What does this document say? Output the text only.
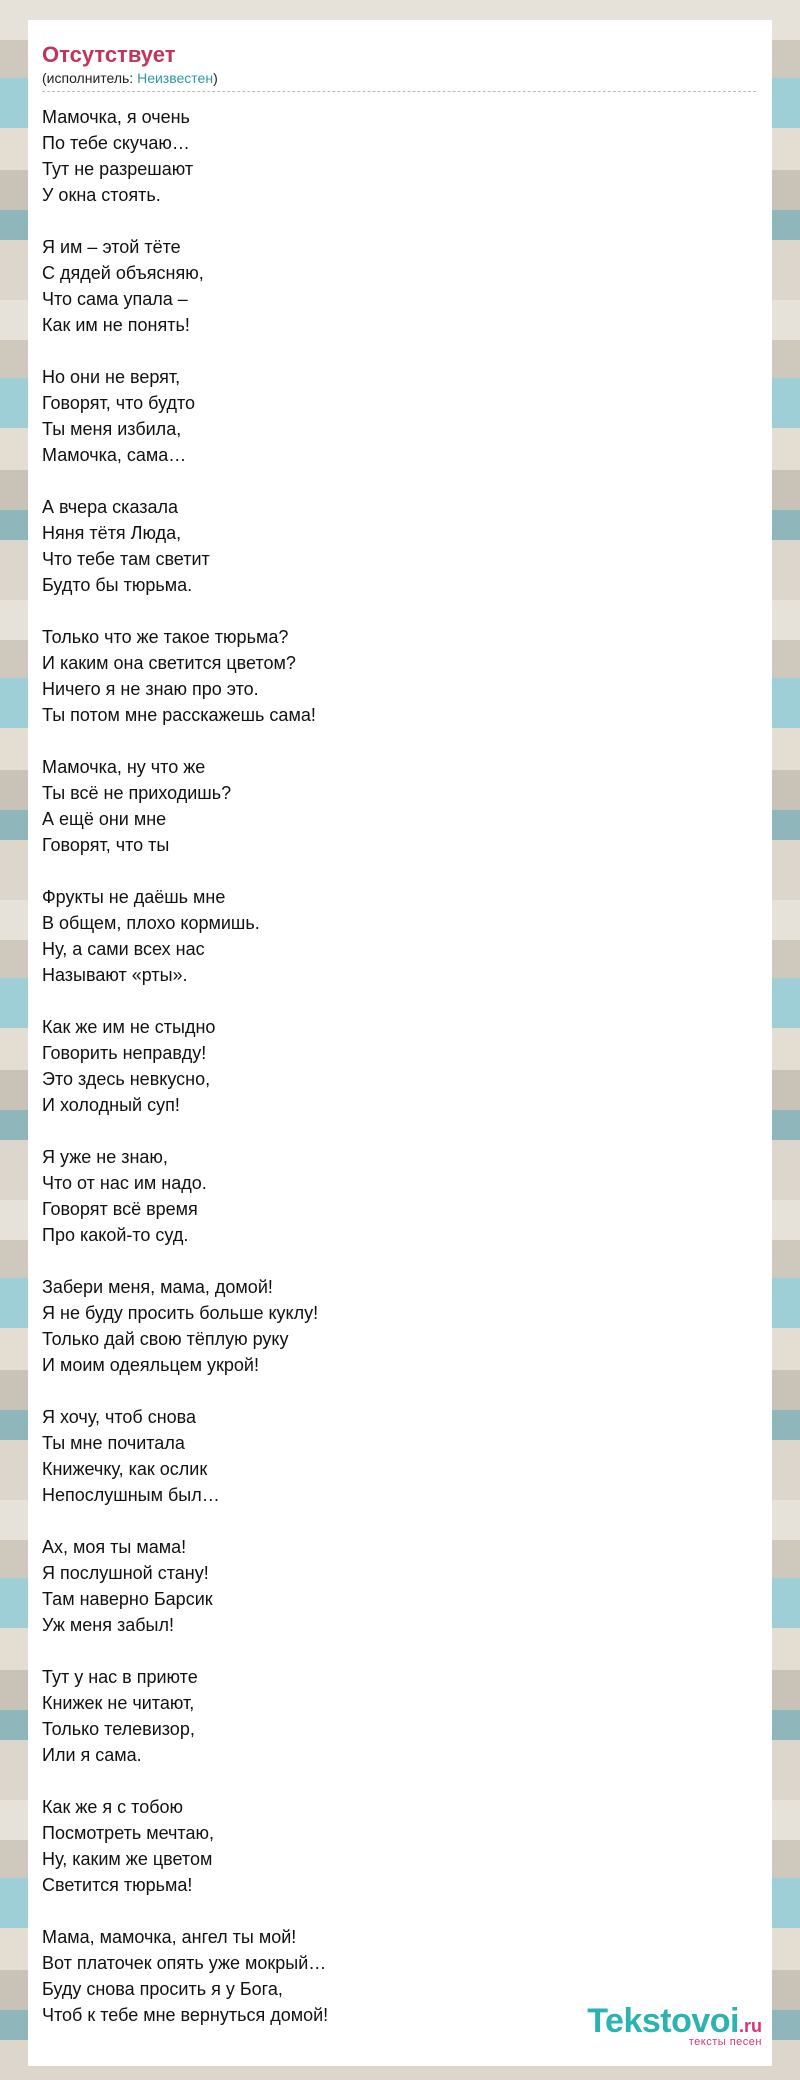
Отсутствует
(исполнитель: Неизвестен)
Мамочка, я очень
По тебе скучаю…
Тут не разрешают
У окна стоять.
Я им – этой тёте
С дядей объясняю,
Что сама упала –
Как им не понять!
Но они не верят,
Говорят, что будто
Ты меня избила,
Мамочка, сама…
А вчера сказала
Няня тётя Люда,
Что тебе там светит
Будто бы тюрьма.
Только что же такое тюрьма?
И каким она светится цветом?
Ничего я не знаю про это.
Ты потом мне расскажешь сама!
Мамочка, ну что же
Ты всё не приходишь?
А ещё они мне
Говорят, что ты
Фрукты не даёшь мне
В общем, плохо кормишь.
Ну, а сами всех нас
Называют «рты».
Как же им не стыдно
Говорить неправду!
Это здесь невкусно,
И холодный суп!
Я уже не знаю,
Что от нас им надо.
Говорят всё время
Про какой-то суд.
Забери меня, мама, домой!
Я не буду просить больше куклу!
Только дай свою тёплую руку
И моим одеяльцем укрой!
Я хочу, чтоб снова
Ты мне почитала
Книжечку, как ослик
Непослушным был…
Ах, моя ты мама!
Я послушной стану!
Там наверно Барсик
Уж меня забыл!
Тут у нас в приюте
Книжек не читают,
Только телевизор,
Или я сама.
Как же я с тобою
Посмотреть мечтаю,
Ну, каким же цветом
Светится тюрьма!
Мама, мамочка, ангел ты мой!
Вот платочек опять уже мокрый…
Буду снова просить я у Бога,
Чтоб к тебе мне вернуться домой!	Tekstovoi.ru
тексты песен
